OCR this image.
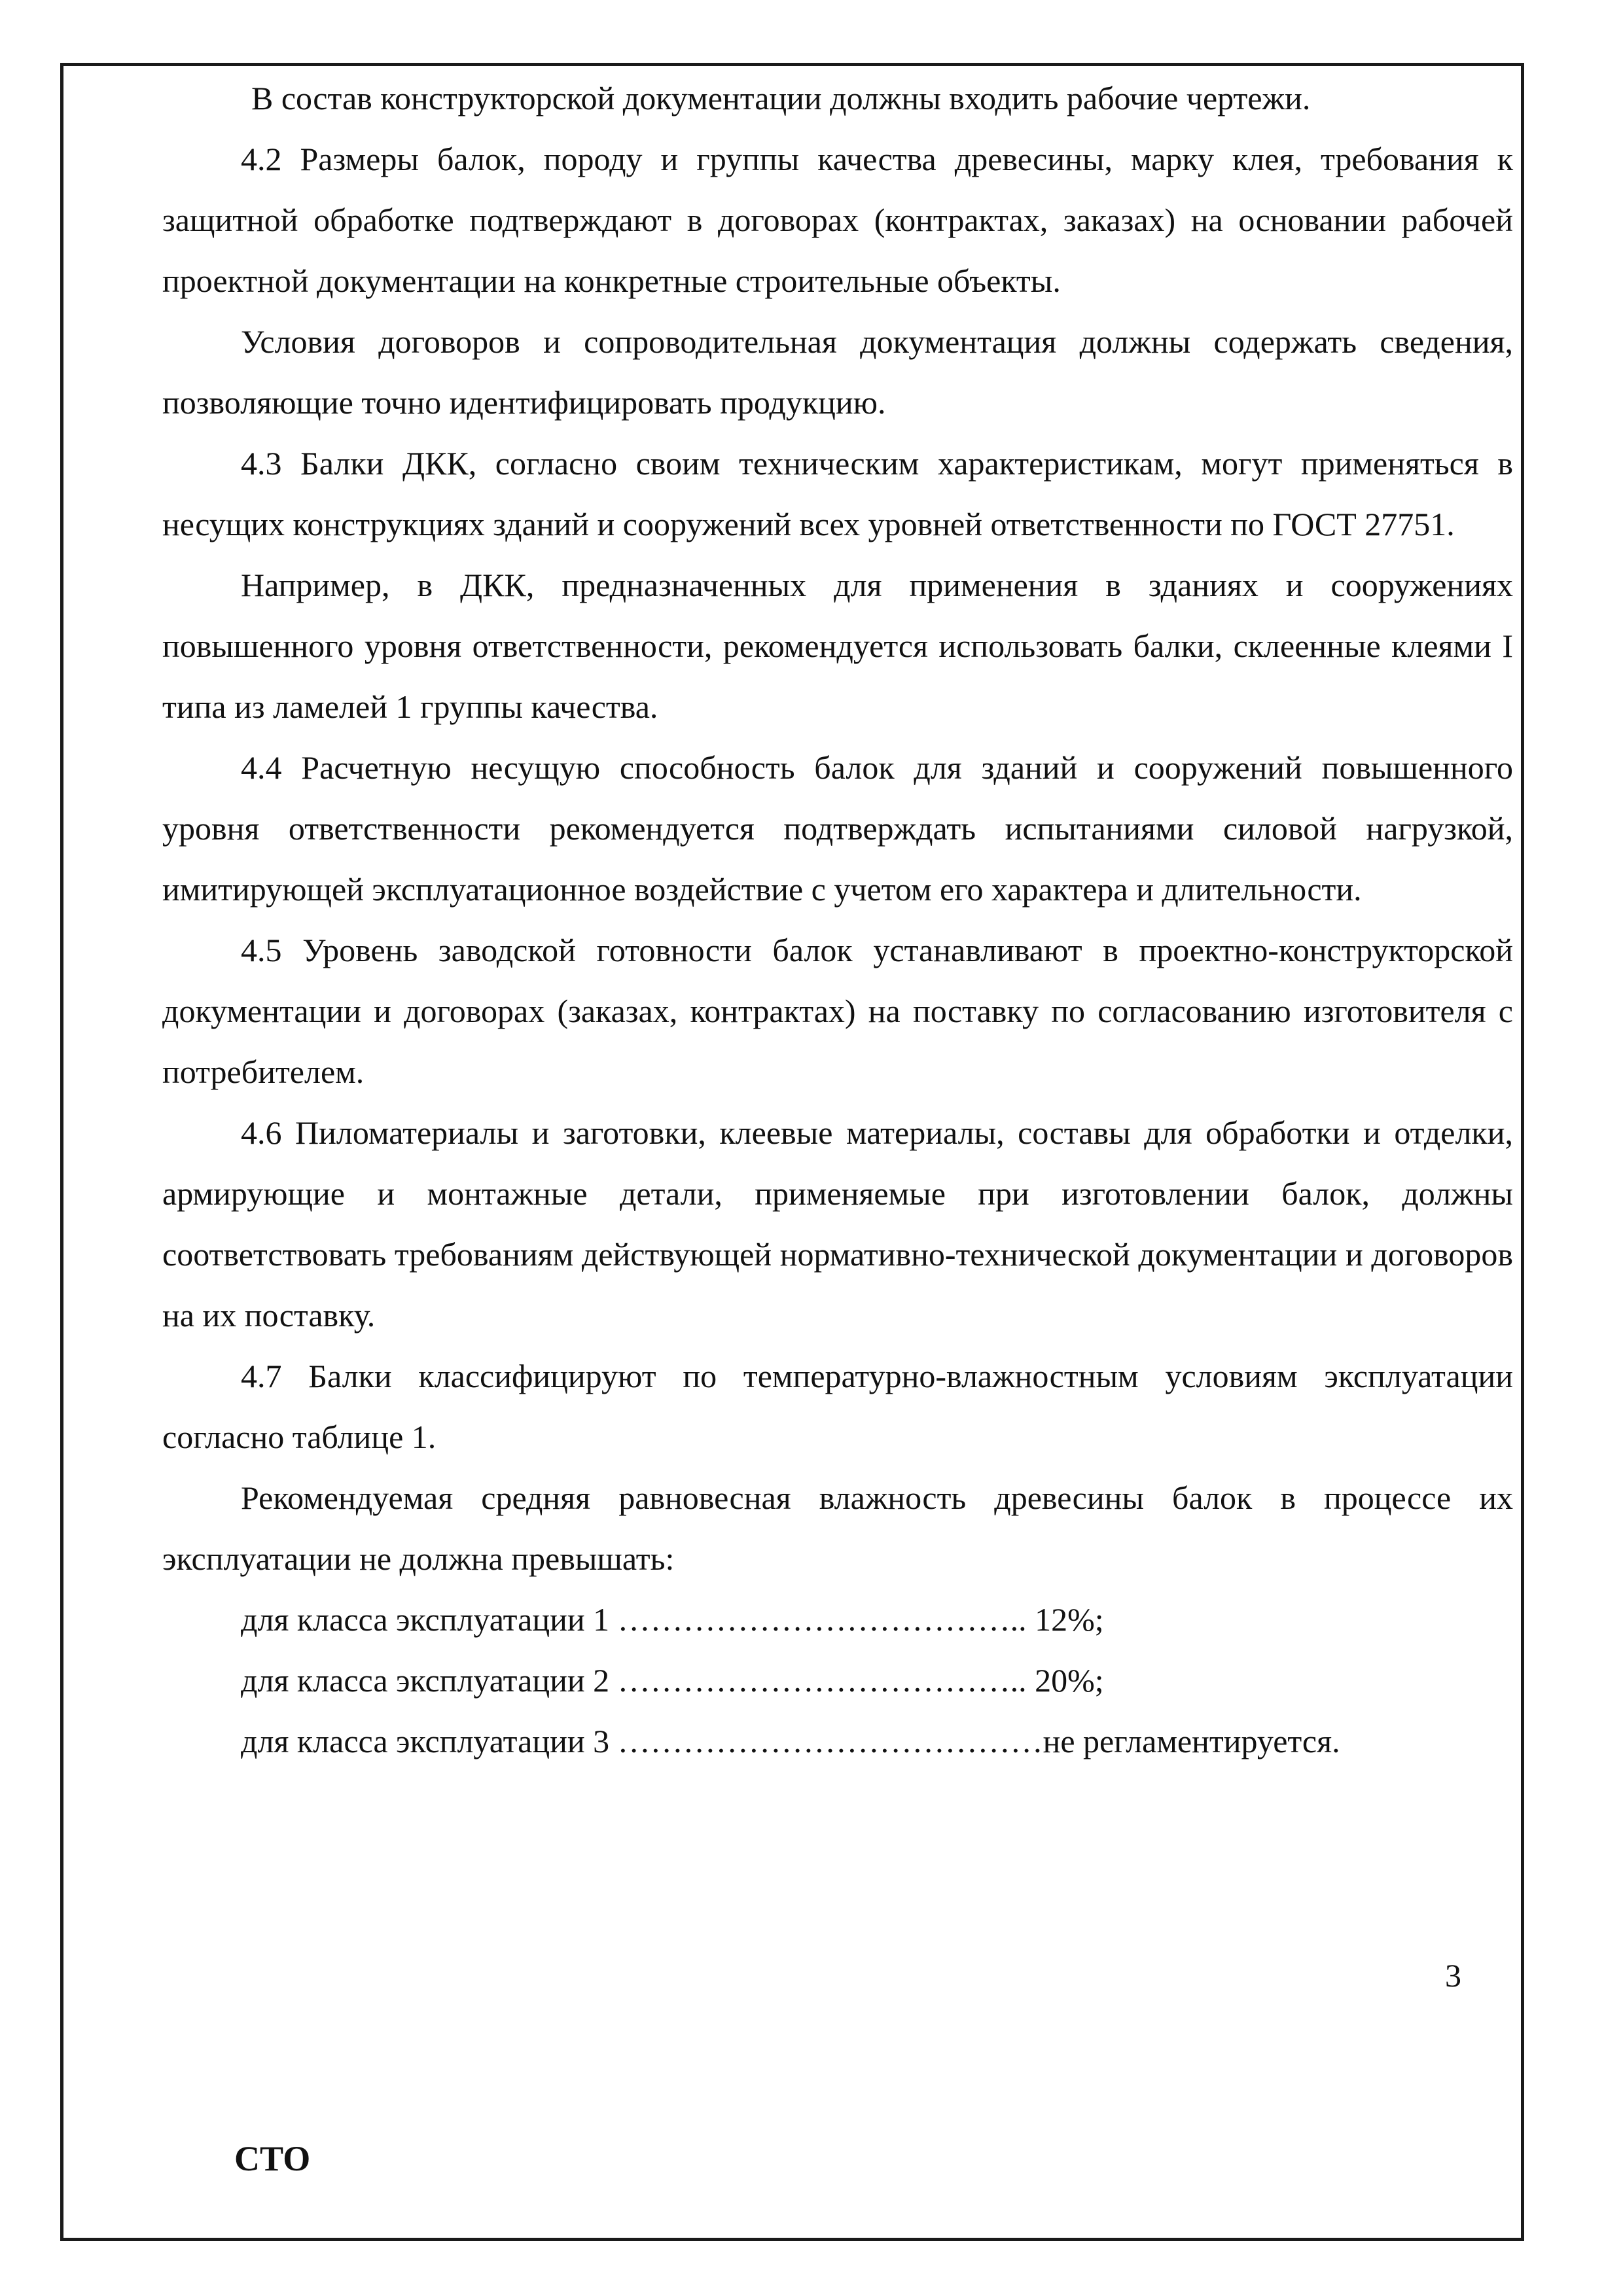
В состав конструкторской документации должны входить рабочие чертежи.

4.2 Размеры балок, породу и группы качества древесины, марку клея, требования к защитной обработке подтверждают в договорах (контрактах, заказах) на основании рабочей проектной документации на конкретные строительные объекты.

Условия договоров и сопроводительная документация должны содержать сведения, позволяющие точно идентифицировать продукцию.

4.3 Балки ДКК, согласно своим техническим характеристикам, могут применяться в несущих конструкциях зданий и сооружений всех уровней ответственности по ГОСТ 27751.

Например, в ДКК, предназначенных для применения в зданиях и сооружениях повышенного уровня ответственности, рекомендуется использовать балки, склеенные клеями I типа из ламелей 1 группы качества.

4.4 Расчетную несущую способность балок для зданий и сооружений повышенного уровня ответственности рекомендуется подтверждать испытаниями силовой нагрузкой, имитирующей эксплуатационное воздействие с учетом его характера и длительности.

4.5 Уровень заводской готовности балок устанавливают в проектно-конструкторской документации и договорах (заказах, контрактах) на поставку по согласованию изготовителя с потребителем.

4.6 Пиломатериалы и заготовки, клеевые материалы, составы для обработки и отделки, армирующие и монтажные детали, применяемые при изготовлении балок, должны соответствовать требованиям действующей нормативно-технической документации и договоров на их поставку.

4.7 Балки классифицируют по температурно-влажностным условиям эксплуатации согласно таблице 1.

Рекомендуемая средняя равновесная влажность древесины балок в процессе их эксплуатации не должна превышать:

для класса эксплуатации 1 ……………………………….. 12%;
для класса эксплуатации 2 ……………………………….. 20%;
для класса эксплуатации 3 …………………………………не регламентируется.
3
СТО
